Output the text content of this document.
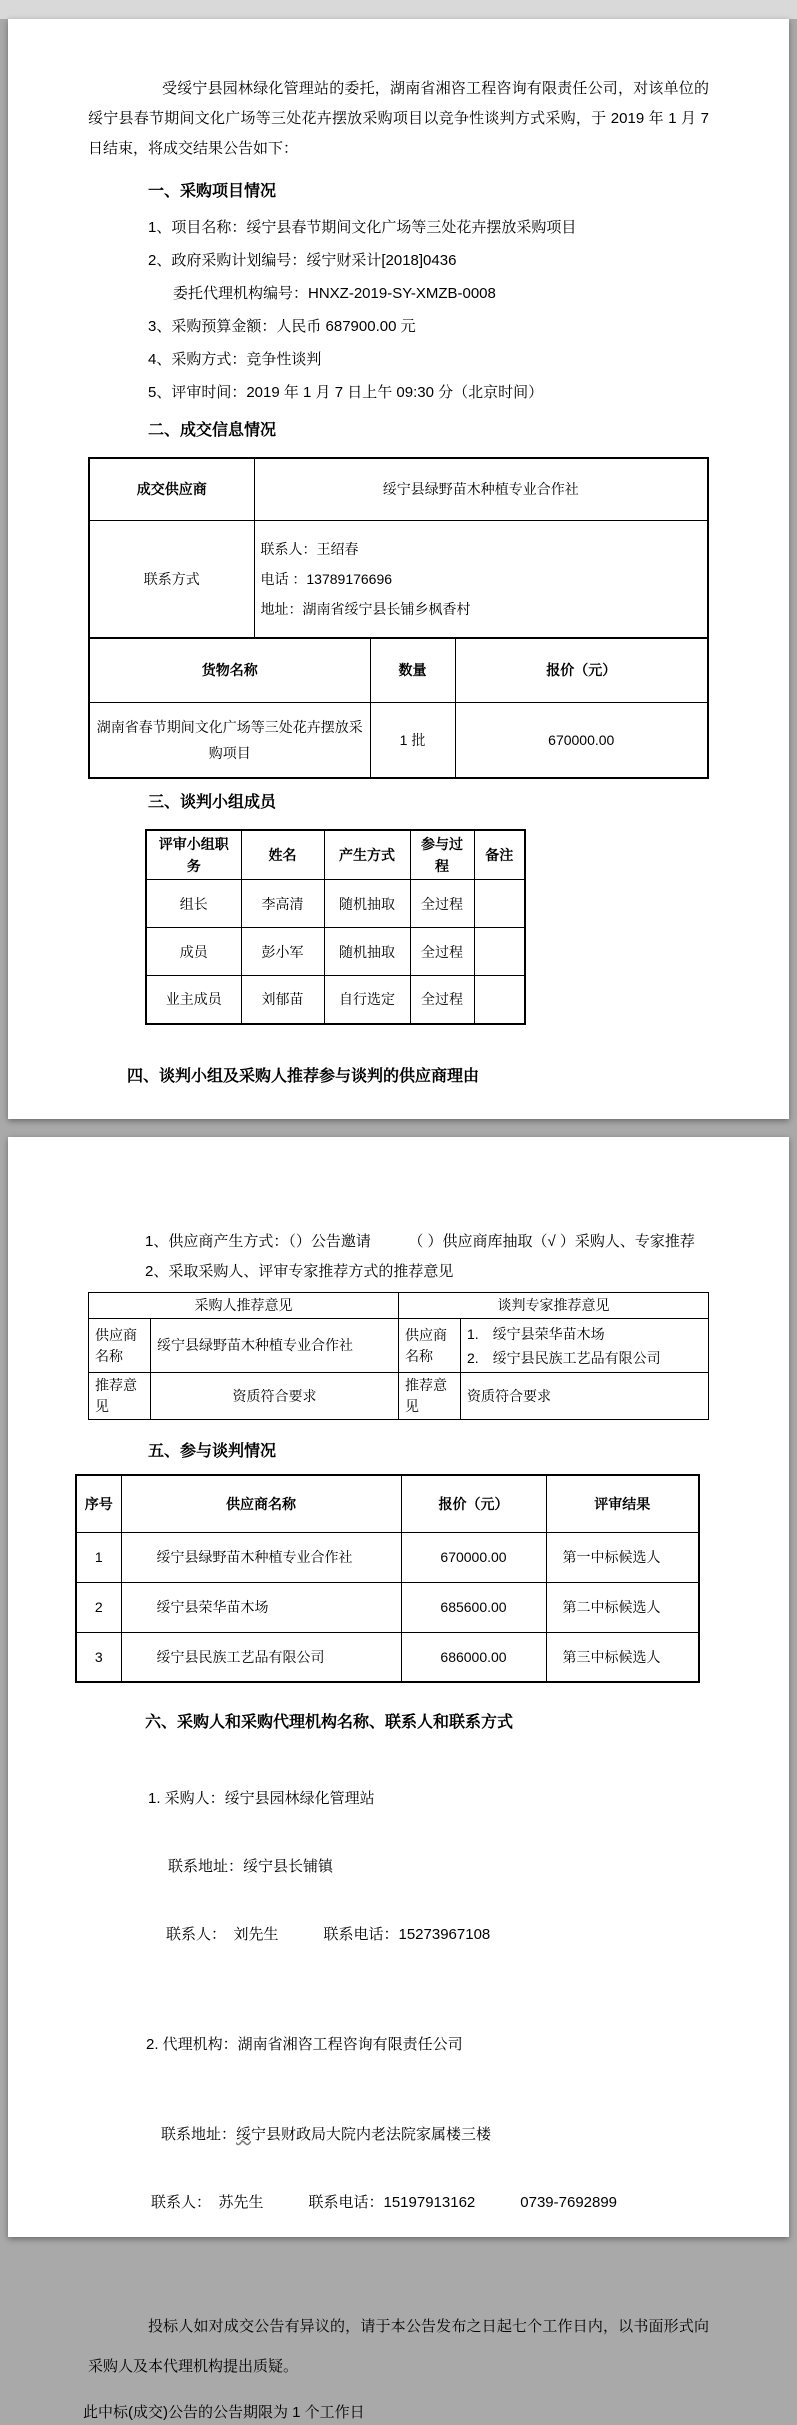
受绥宁县园林绿化管理站的委托，湖南省湘咨工程咨询有限责任公司，对该单位的绥宁县春节期间文化广场等三处花卉摆放采购项目以竞争性谈判方式采购，于 2019 年 1 月 7 日结束，将成交结果公告如下：

一、采购项目情况
1、项目名称：绥宁县春节期间文化广场等三处花卉摆放采购项目
2、政府采购计划编号：绥宁财采计[2018]0436
委托代理机构编号：HNXZ-2019-SY-XMZB-0008
3、采购预算金额：人民币 687900.00 元
4、采购方式：竞争性谈判
5、评审时间：2019 年 1 月 7 日上午 09:30 分（北京时间）
二、成交信息情况
成交供应商	绥宁县绿野苗木种植专业合作社
联系方式	联系人：王绍春
电话 ：13789176696
地址：湖南省绥宁县长铺乡枫香村
货物名称	数量	报价（元）
湖南省春节期间文化广场等三处花卉摆放采购项目	1 批	670000.00
三、谈判小组成员
评审小组职务	姓名	产生方式	参与过程	备注
组长	李高清	随机抽取	全过程	
成员	彭小军	随机抽取	全过程	
业主成员	刘郁苗	自行选定	全过程	
四、谈判小组及采购人推荐参与谈判的供应商理由
1、供应商产生方式：（）公告邀请　　　（ ）供应商库抽取（√ ）采购人、专家推荐
2、采取采购人、评审专家推荐方式的推荐意见
采购人推荐意见		谈判专家推荐意见	
供应商名称	绥宁县绿野苗木种植专业合作社	供应商名称	1.　绥宁县荣华苗木场
2.　绥宁县民族工艺品有限公司

推荐意见	资质符合要求	推荐意见	资质符合要求
五、参与谈判情况
序号	供应商名称	报价（元）	评审结果
1	绥宁县绿野苗木种植专业合作社	670000.00	第一中标候选人
2	绥宁县荣华苗木场	685600.00	第二中标候选人
3	绥宁县民族工艺品有限公司	686000.00	第三中标候选人
六、采购人和采购代理机构名称、联系人和联系方式

1. 采购人：绥宁县园林绿化管理站

联系地址：绥宁县长铺镇

联系人：　刘先生　　　联系电话：15273967108

2. 代理机构：湖南省湘咨工程咨询有限责任公司

联系地址：绥宁县财政局大院内老法院家属楼三楼

联系人：　苏先生　　　联系电话：15197913162　　　0739-7692899

投标人如对成交公告有异议的，请于本公告发布之日起七个工作日内，以书面形式向采购人及本代理机构提出质疑。

此中标(成交)公告的公告期限为 1 个工作日
